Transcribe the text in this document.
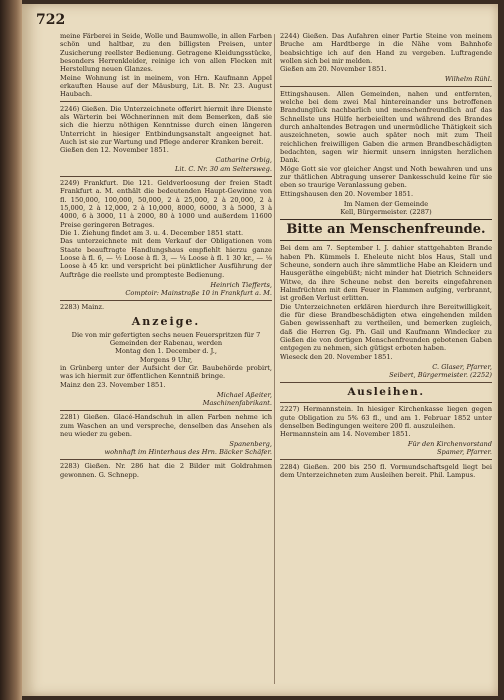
722

meine Färberei in Seide, Wolle und Baumwolle, in allen Farben schön und haltbar, zu den billigsten Preisen, unter Zusicherung reellster Bedienung. Getragene Kleidungsstücke, besonders Herrenkleider, reinige ich von allen Flecken mit Herstellung neuen Glanzes.
Meine Wohnung ist in meinem, von Hrn. Kaufmann Appel erkauften Hause auf der Mäusburg, Lit. B. Nr. 23. August Haubach.

2246) Gießen. Die Unterzeichnete offerirt hiermit ihre Dienste als Wärterin bei Wöchnerinnen mit dem Bemerken, daß sie sich die hierzu nöthigen Kenntnisse durch einen längeren Unterricht in hiesiger Entbindungsanstalt angeeignet hat. Auch ist sie zur Wartung und Pflege anderer Kranken bereit.
Gießen den 12. November 1851.

Catharine Orbig,
Lit. C. Nr. 30 am Seltersweg.

2249) Frankfurt. Die 121. Geldverloosung der freien Stadt Frankfurt a. M. enthält die bedeutenden Haupt-Gewinne von fl. 150,000, 100,000, 50,000, 2 à 25,000, 2 à 20,000, 2 à 15,000, 2 à 12,000, 2 à 10,000, 8000, 6000, 3 à 5000, 3 à 4000, 6 à 3000, 11 à 2000, 80 à 1000 und außerdem 11600 Preise geringeren Betrages.
Die 1. Ziehung findet am 3. u. 4. December 1851 statt.
Das unterzeichnete mit dem Verkauf der Obligationen vom Staate beauftragte Handlungshaus empfiehlt hierzu ganze Loose à fl. 6, — ½ Loose à fl. 3, — ¼ Loose à fl. 1 30 kr., — ⅛ Loose à 45 kr. und verspricht bei pünktlicher Ausführung der Aufträge die reellste und prompteste Bedienung.

Heinrich Tiefferts,
Comptoir: Mainstraße 10 in Frankfurt a. M.

2283) Mainz.

Anzeige.

Die von mir gefertigten sechs neuen Feuerspritzen für 7 Gemeinden der Rabenau, werden
Montag den 1. December d. J.,
Morgens 9 Uhr,

in Grünberg unter der Aufsicht der Gr. Baubehörde probirt, was ich hiermit zur öffentlichen Kenntniß bringe.
Mainz den 23. November 1851.

Michael Aßeiter,
Maschinenfabrikant.

2281) Gießen. Glacé-Handschuh in allen Farben nehme ich zum Waschen an und verspreche, denselben das Ansehen als neu wieder zu geben.

Spanenberg,
wohnhaft im Hinterhaus des Hrn. Bäcker Schäfer.

2283) Gießen. Nr. 286 hat die 2 Bilder mit Goldrahmen gewonnen. G. Schnepp.

2244) Gießen. Das Aufahren einer Partie Steine von meinem Bruche am Hardtberge in die Nähe vom Bahnhofe beabsichtige ich auf den Hand zu vergeben. Luftragende wollen sich bei mir melden.
Gießen am 20. November 1851.

Wilhelm Rühl.

Ettingshausen. Allen Gemeinden, nahen und entfernten, welche bei dem zwei Mal hintereinander uns betroffenen Brandunglück nachbarlich und menschenfreundlich auf das Schnellste uns Hülfe herbeieilten und während des Brandes durch anhaltendes Betragen und unermüdliche Thätigkeit sich auszeichneten, sowie auch später noch mit zum Theil reichlichen freiwilligen Gaben die armen Brandbeschädigten bedachten, sagen wir hiermit unsern innigsten herzlichen Dank.
Möge Gott sie vor gleicher Angst und Noth bewahren und uns zur thätlichen Abtragung unserer Dankesschuld keine für sie eben so traurige Veranlassung geben.
Ettingshausen den 20. November 1851.

Im Namen der Gemeinde
Kell, Bürgermeister. (2287)

Bitte an Menschenfreunde.

Bei dem am 7. September l. J. dahier stattgehabten Brande haben Ph. Kümmels I. Eheleute nicht blos Haus, Stall und Scheune, sondern auch ihre sämmtliche Habe an Kleidern und Hausgeräthe eingebüßt; nicht minder hat Dietrich Schneiders Witwe, da ihre Scheune nebst den bereits eingefahrenen Halmfrüchten mit dem Feuer in Flammen aufging, verbrannt, ist großen Verlust erlitten.
Die Unterzeichneten erklären hierdurch ihre Bereitwilligkeit, die für diese Brandbeschädigten etwa eingehenden milden Gaben gewissenhaft zu vertheilen, und bemerken zugleich, daß die Herren Gg. Ph. Gail und Kaufmann Windecker zu Gießen die von dortigen Menschenfreunden gebotenen Gaben entgegen zu nehmen, sich gütigst erboten haben.
Wieseck den 20. November 1851.

C. Glaser, Pfarrer,
Seibert, Bürgermeister. (2252)

Ausleihen.

2227) Hermannstein. In hiesiger Kirchenkasse liegen gegen gute Obligation zu 5% 63 fl., und am 1. Februar 1852 unter denselben Bedingungen weitere 200 fl. auszuleihen.
Hermannstein am 14. November 1851.

Für den Kirchenvorstand
Spamer, Pfarrer.

2284) Gießen. 200 bis 250 fl. Vormundschaftsgeld liegt bei dem Unterzeichneten zum Ausleihen bereit. Phil. Lampus.
